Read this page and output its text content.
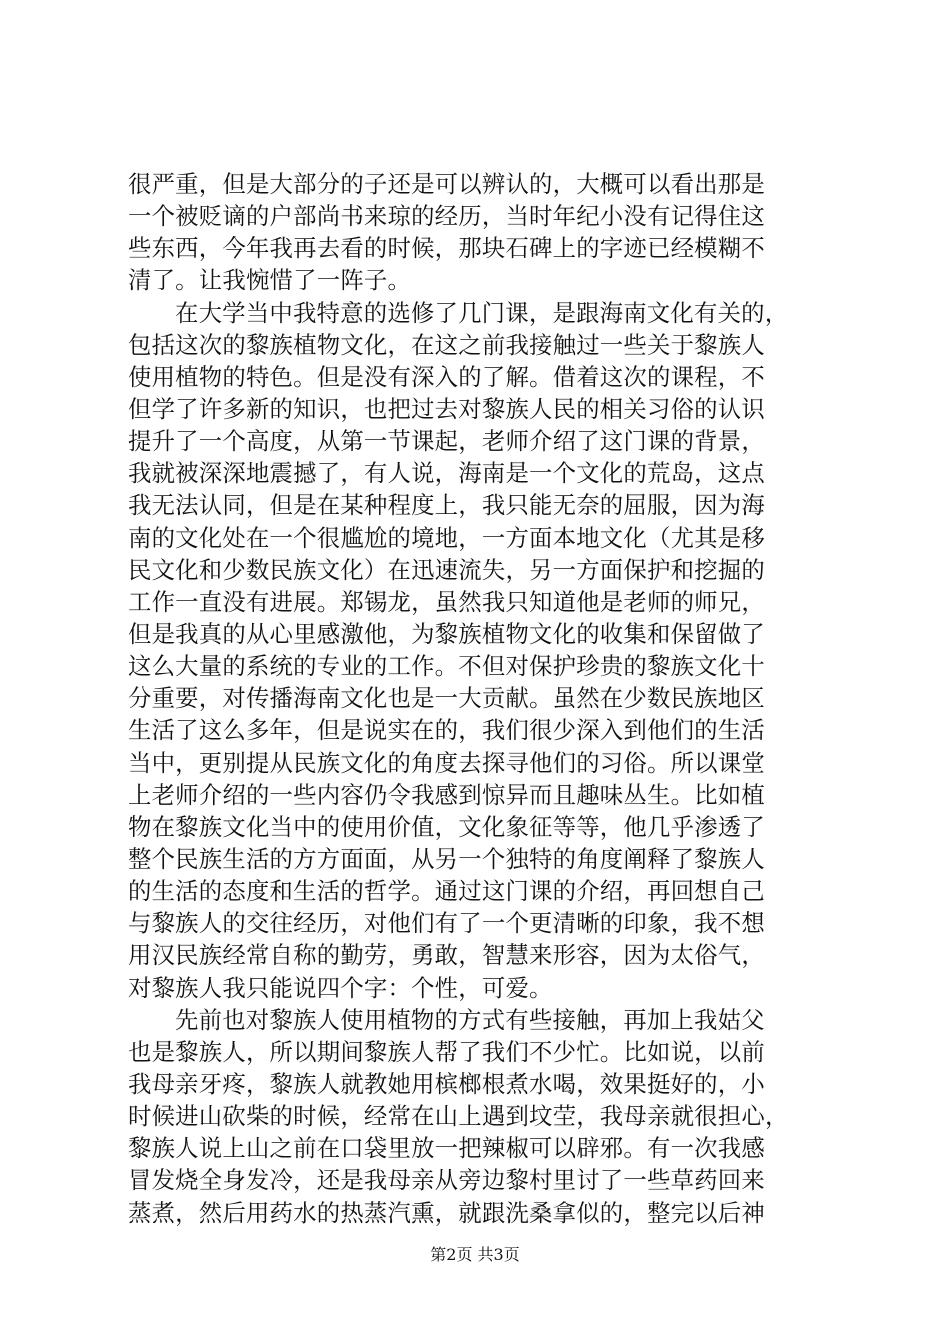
很严重，但是大部分的子还是可以辨认的，大概可以看出那是
一个被贬谪的户部尚书来琼的经历，当时年纪小没有记得住这
些东西，今年我再去看的时候，那块石碑上的字迹已经模糊不
清了。让我惋惜了一阵子。
在大学当中我特意的选修了几门课，是跟海南文化有关的，
包括这次的黎族植物文化，在这之前我接触过一些关于黎族人
使用植物的特色。但是没有深入的了解。借着这次的课程，不
但学了许多新的知识，也把过去对黎族人民的相关习俗的认识
提升了一个高度，从第一节课起，老师介绍了这门课的背景，
我就被深深地震撼了，有人说，海南是一个文化的荒岛，这点
我无法认同，但是在某种程度上，我只能无奈的屈服，因为海
南的文化处在一个很尴尬的境地，一方面本地文化（尤其是移
民文化和少数民族文化）在迅速流失，另一方面保护和挖掘的
工作一直没有进展。郑锡龙，虽然我只知道他是老师的师兄，
但是我真的从心里感激他，为黎族植物文化的收集和保留做了
这么大量的系统的专业的工作。不但对保护珍贵的黎族文化十
分重要，对传播海南文化也是一大贡献。虽然在少数民族地区
生活了这么多年，但是说实在的，我们很少深入到他们的生活
当中，更别提从民族文化的角度去探寻他们的习俗。所以课堂
上老师介绍的一些内容仍令我感到惊异而且趣味丛生。比如植
物在黎族文化当中的使用价值，文化象征等等，他几乎渗透了
整个民族生活的方方面面，从另一个独特的角度阐释了黎族人
的生活的态度和生活的哲学。通过这门课的介绍，再回想自己
与黎族人的交往经历，对他们有了一个更清晰的印象，我不想
用汉民族经常自称的勤劳，勇敢，智慧来形容，因为太俗气，
对黎族人我只能说四个字：个性，可爱。
先前也对黎族人使用植物的方式有些接触，再加上我姑父
也是黎族人，所以期间黎族人帮了我们不少忙。比如说，以前
我母亲牙疼，黎族人就教她用槟榔根煮水喝，效果挺好的，小
时候进山砍柴的时候，经常在山上遇到坟茔，我母亲就很担心，
黎族人说上山之前在口袋里放一把辣椒可以辟邪。有一次我感
冒发烧全身发冷，还是我母亲从旁边黎村里讨了一些草药回来
蒸煮，然后用药水的热蒸汽熏，就跟洗桑拿似的，整完以后神
第2页 共3页
